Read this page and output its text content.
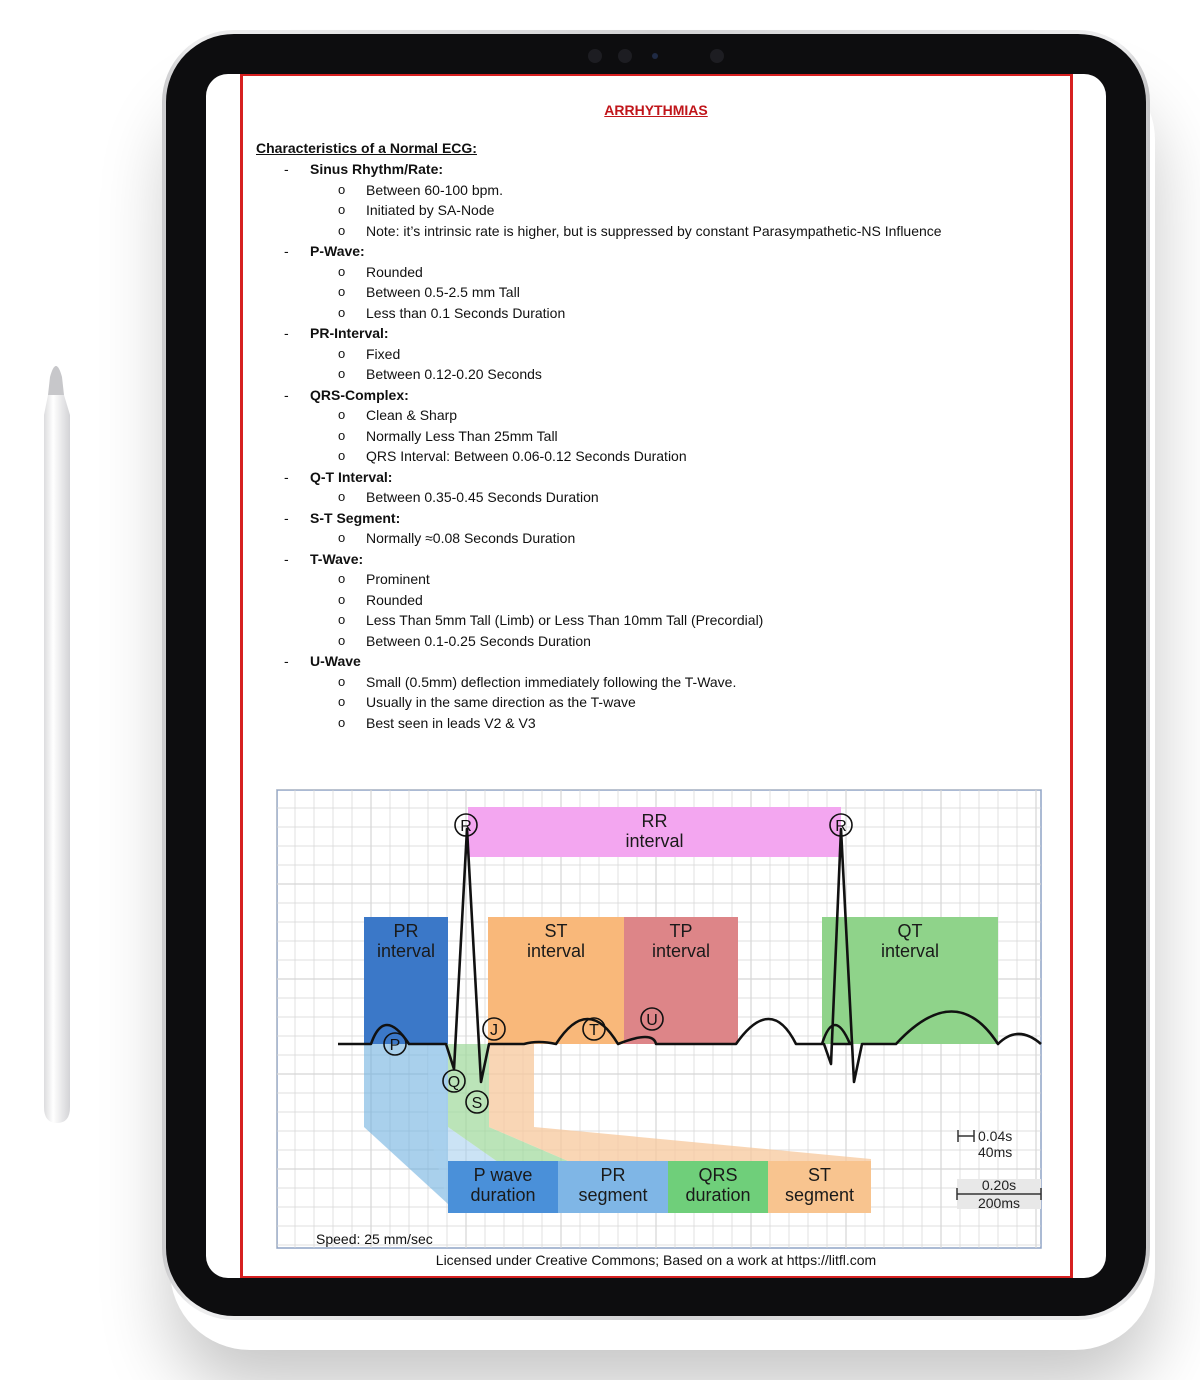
ARRHYTHMIAS
Characteristics of a Normal ECG:
- Sinus Rhythm/Rate:
o Between 60-100 bpm.
o Initiated by SA-Node
o Note: it’s intrinsic rate is higher, but is suppressed by constant Parasympathetic-NS Influence
- P-Wave:
o Rounded
o Between 0.5-2.5 mm Tall
o Less than 0.1 Seconds Duration
- PR-Interval:
o Fixed
o Between 0.12-0.20 Seconds
- QRS-Complex:
o Clean & Sharp
o Normally Less Than 25mm Tall
o QRS Interval: Between 0.06-0.12 Seconds Duration
- Q-T Interval:
o Between 0.35-0.45 Seconds Duration
- S-T Segment:
o Normally ≈0.08 Seconds Duration
- T-Wave:
o Prominent
o Rounded
o Less Than 5mm Tall (Limb) or Less Than 10mm Tall (Precordial)
o Between 0.1-0.25 Seconds Duration
- U-Wave
o Small (0.5mm) deflection immediately following the T-Wave.
o Usually in the same direction as the T-wave
o Best seen in leads V2 & V3
P wave
duration
PR
segment
QRS
duration
ST
segment
PR
interval
ST
interval
TP
interval
QT
interval
RR
interval
R	R
P
Q
S
J	T
U
0.04s
40ms
0.20s
200ms
Speed: 25 mm/sec
Licensed under Creative Commons; Based on a work at https://litfl.com
